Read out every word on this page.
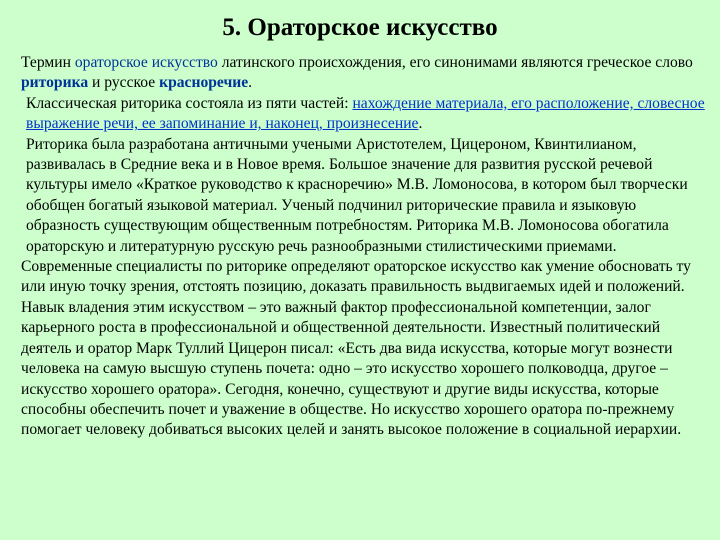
5. Ораторское искусство

Термин ораторское искусство латинского происхождения, его синонимами являются греческое слово риторика и русское красноречие.

Классическая риторика состояла из пяти частей: нахождение материала, его расположение, словесное выражение речи, ее запоминание и, наконец, произнесение.

Риторика была разработана античными учеными Аристотелем, Цицероном, Квинтилианом, развивалась в Средние века и в Новое время. Большое значение для развития русской речевой культуры имело «Краткое руководство к красноречию» М.В. Ломоносова, в котором был творчески обобщен богатый языковой материал. Ученый подчинил риторические правила и языковую образность существующим общественным потребностям. Риторика М.В. Ломоносова обогатила ораторскую и литературную русскую речь разнообразными стилистическими приемами.

Современные специалисты по риторике определяют ораторское искусство как умение обосновать ту или иную точку зрения, отстоять позицию, доказать правильность выдвигаемых идей и положений. Навык владения этим искусством – это важный фактор профессиональной компетенции, залог карьерного роста в профессиональной и общественной деятельности. Известный политический деятель и оратор Марк Туллий Цицерон писал: «Есть два вида искусства, которые могут вознести человека на самую высшую ступень почета: одно – это искусство хорошего полководца, другое – искусство хорошего оратора». Сегодня, конечно, существуют и другие виды искусства, которые способны обеспечить почет и уважение в обществе. Но искусство хорошего оратора по-прежнему помогает человеку добиваться высоких целей и занять высокое положение в социальной иерархии.
